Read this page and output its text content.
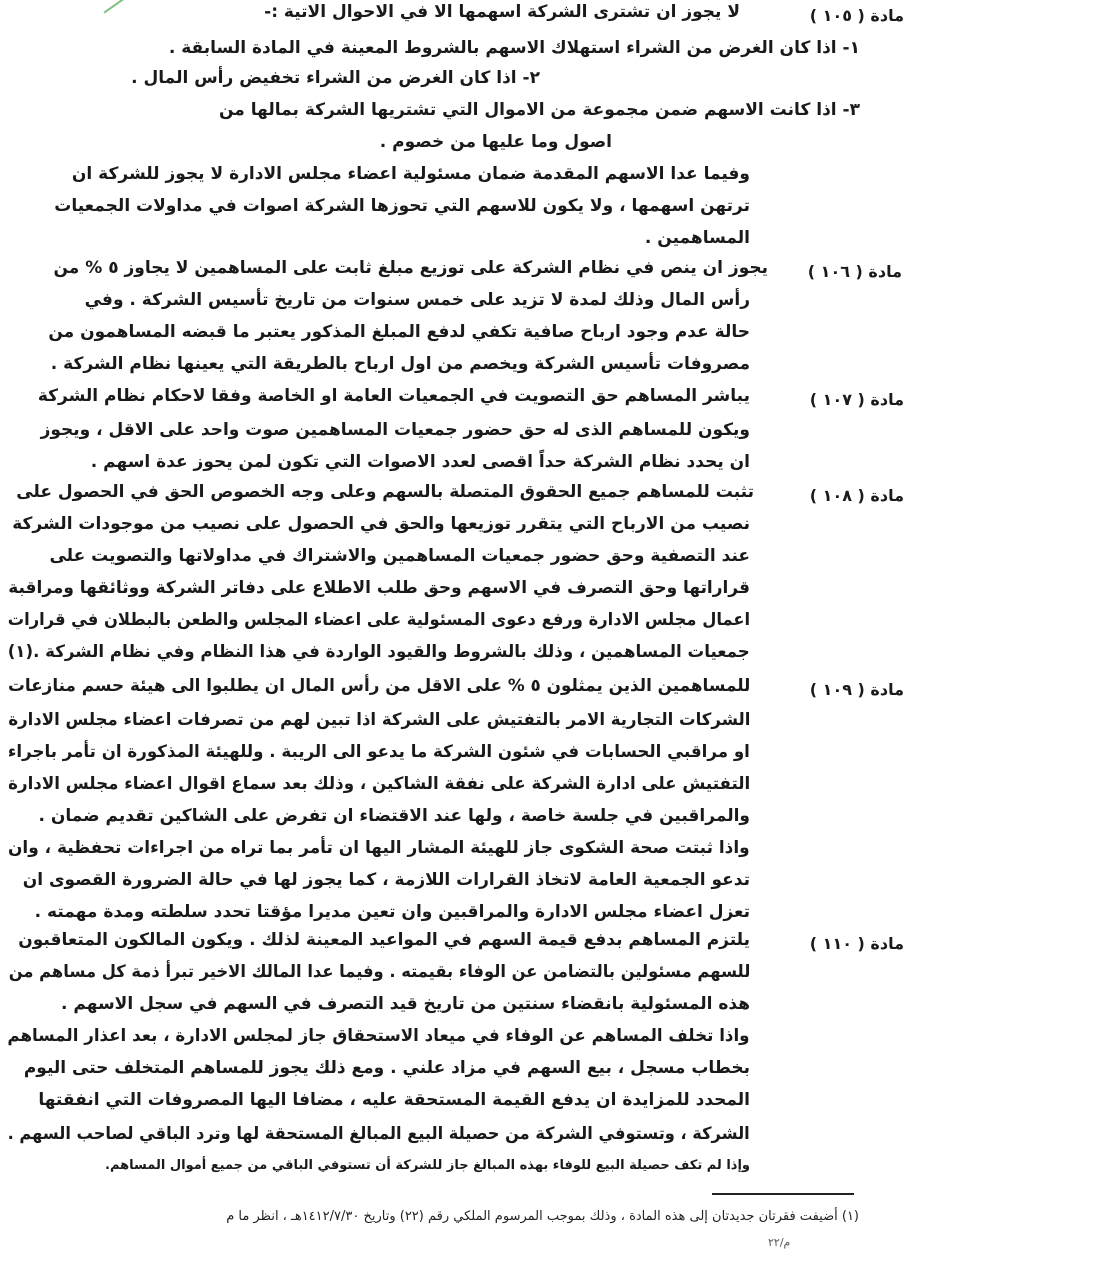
مادة ( ١٠٥ )
لا يجوز ان تشترى الشركة اسهمها الا في الاحوال الاتية :-
١- اذا كان الغرض من الشراء استهلاك الاسهم بالشروط المعينة في المادة السابقة .
٢- اذا كان الغرض من الشراء تخفيض رأس المال .
٣- اذا كانت الاسهم ضمن مجموعة من الاموال التي تشتريها الشركة بمالها من
اصول وما عليها من خصوم .
وفيما عدا الاسهم المقدمة ضمان مسئولية اعضاء مجلس الادارة لا يجوز للشركة ان
ترتهن اسهمها ، ولا يكون للاسهم التي تحوزها الشركة اصوات في مداولات الجمعيات
المساهمين .
مادة ( ١٠٦ )
يجوز ان ينص في نظام الشركة على توزيع مبلغ ثابت على المساهمين لا يجاوز ٥ % من
رأس المال وذلك لمدة لا تزيد على خمس سنوات من تاريخ تأسيس الشركة . وفي
حالة عدم وجود ارباح صافية تكفي لدفع المبلغ المذكور يعتبر ما قبضه المساهمون من
مصروفات تأسيس الشركة ويخصم من اول ارباح بالطريقة التي يعينها نظام الشركة .
مادة ( ١٠٧ )
يباشر المساهم حق التصويت في الجمعيات العامة او الخاصة وفقا لاحكام نظام الشركة
ويكون للمساهم الذى له حق حضور جمعيات المساهمين صوت واحد على الاقل ، ويجوز
ان يحدد نظام الشركة حداً اقصى لعدد الاصوات التي تكون لمن يحوز عدة اسهم .
مادة ( ١٠٨ )
تثبت للمساهم جميع الحقوق المتصلة بالسهم وعلى وجه الخصوص الحق في الحصول على
نصيب من الارباح التي يتقرر توزيعها والحق في الحصول على نصيب من موجودات الشركة
عند التصفية وحق حضور جمعيات المساهمين والاشتراك في مداولاتها والتصويت على
قراراتها وحق التصرف في الاسهم وحق طلب الاطلاع على دفاتر الشركة ووثائقها ومراقبة
اعمال مجلس الادارة ورفع دعوى المسئولية على اعضاء المجلس والطعن بالبطلان في قرارات
جمعيات المساهمين ، وذلك بالشروط والقيود الواردة في هذا النظام وفي نظام الشركة .(١)
مادة ( ١٠٩ )
للمساهمين الذين يمثلون ٥ % على الاقل من رأس المال ان يطلبوا الى هيئة حسم منازعات
الشركات التجارية الامر بالتفتيش على الشركة اذا تبين لهم من تصرفات اعضاء مجلس الادارة
او مراقبي الحسابات في شئون الشركة ما يدعو الى الريبة . وللهيئة المذكورة ان تأمر باجراء
التفتيش على ادارة الشركة على نفقة الشاكين ، وذلك بعد سماع اقوال اعضاء مجلس الادارة
والمراقبين في جلسة خاصة ، ولها عند الاقتضاء ان تفرض على الشاكين تقديم ضمان .
واذا ثبتت صحة الشكوى جاز للهيئة المشار اليها ان تأمر بما تراه من اجراءات تحفظية ، وان
تدعو الجمعية العامة لاتخاذ القرارات اللازمة ، كما يجوز لها في حالة الضرورة القصوى ان
تعزل اعضاء مجلس الادارة والمراقبين وان تعين مديرا مؤقتا تحدد سلطته ومدة مهمته .
مادة ( ١١٠ )
يلتزم المساهم بدفع قيمة السهم في المواعيد المعينة لذلك . ويكون المالكون المتعاقبون
للسهم مسئولين بالتضامن عن الوفاء بقيمته . وفيما عدا المالك الاخير تبرأ ذمة كل مساهم من
هذه المسئولية بانقضاء سنتين من تاريخ قيد التصرف في السهم في سجل الاسهم .
واذا تخلف المساهم عن الوفاء في ميعاد الاستحقاق جاز لمجلس الادارة ، بعد اعذار المساهم
بخطاب مسجل ، بيع السهم في مزاد علني . ومع ذلك يجوز للمساهم المتخلف حتى اليوم
المحدد للمزايدة ان يدفع القيمة المستحقة عليه ، مضافا اليها المصروفات التي انفقتها
الشركة ، وتستوفي الشركة من حصيلة البيع المبالغ المستحقة لها وترد الباقي لصاحب السهم .
وإذا لم تكف حصيلة البيع للوفاء بهذه المبالغ جاز للشركة أن تستوفي الباقي من جميع أموال المساهم.
(١) أضيفت فقرتان جديدتان إلى هذه المادة ، وذلك بموجب المرسوم الملكي رقم (٢٢) وتاريخ ١٤١٢/٧/٣٠هـ ، انظر ما م
م/٢٢
